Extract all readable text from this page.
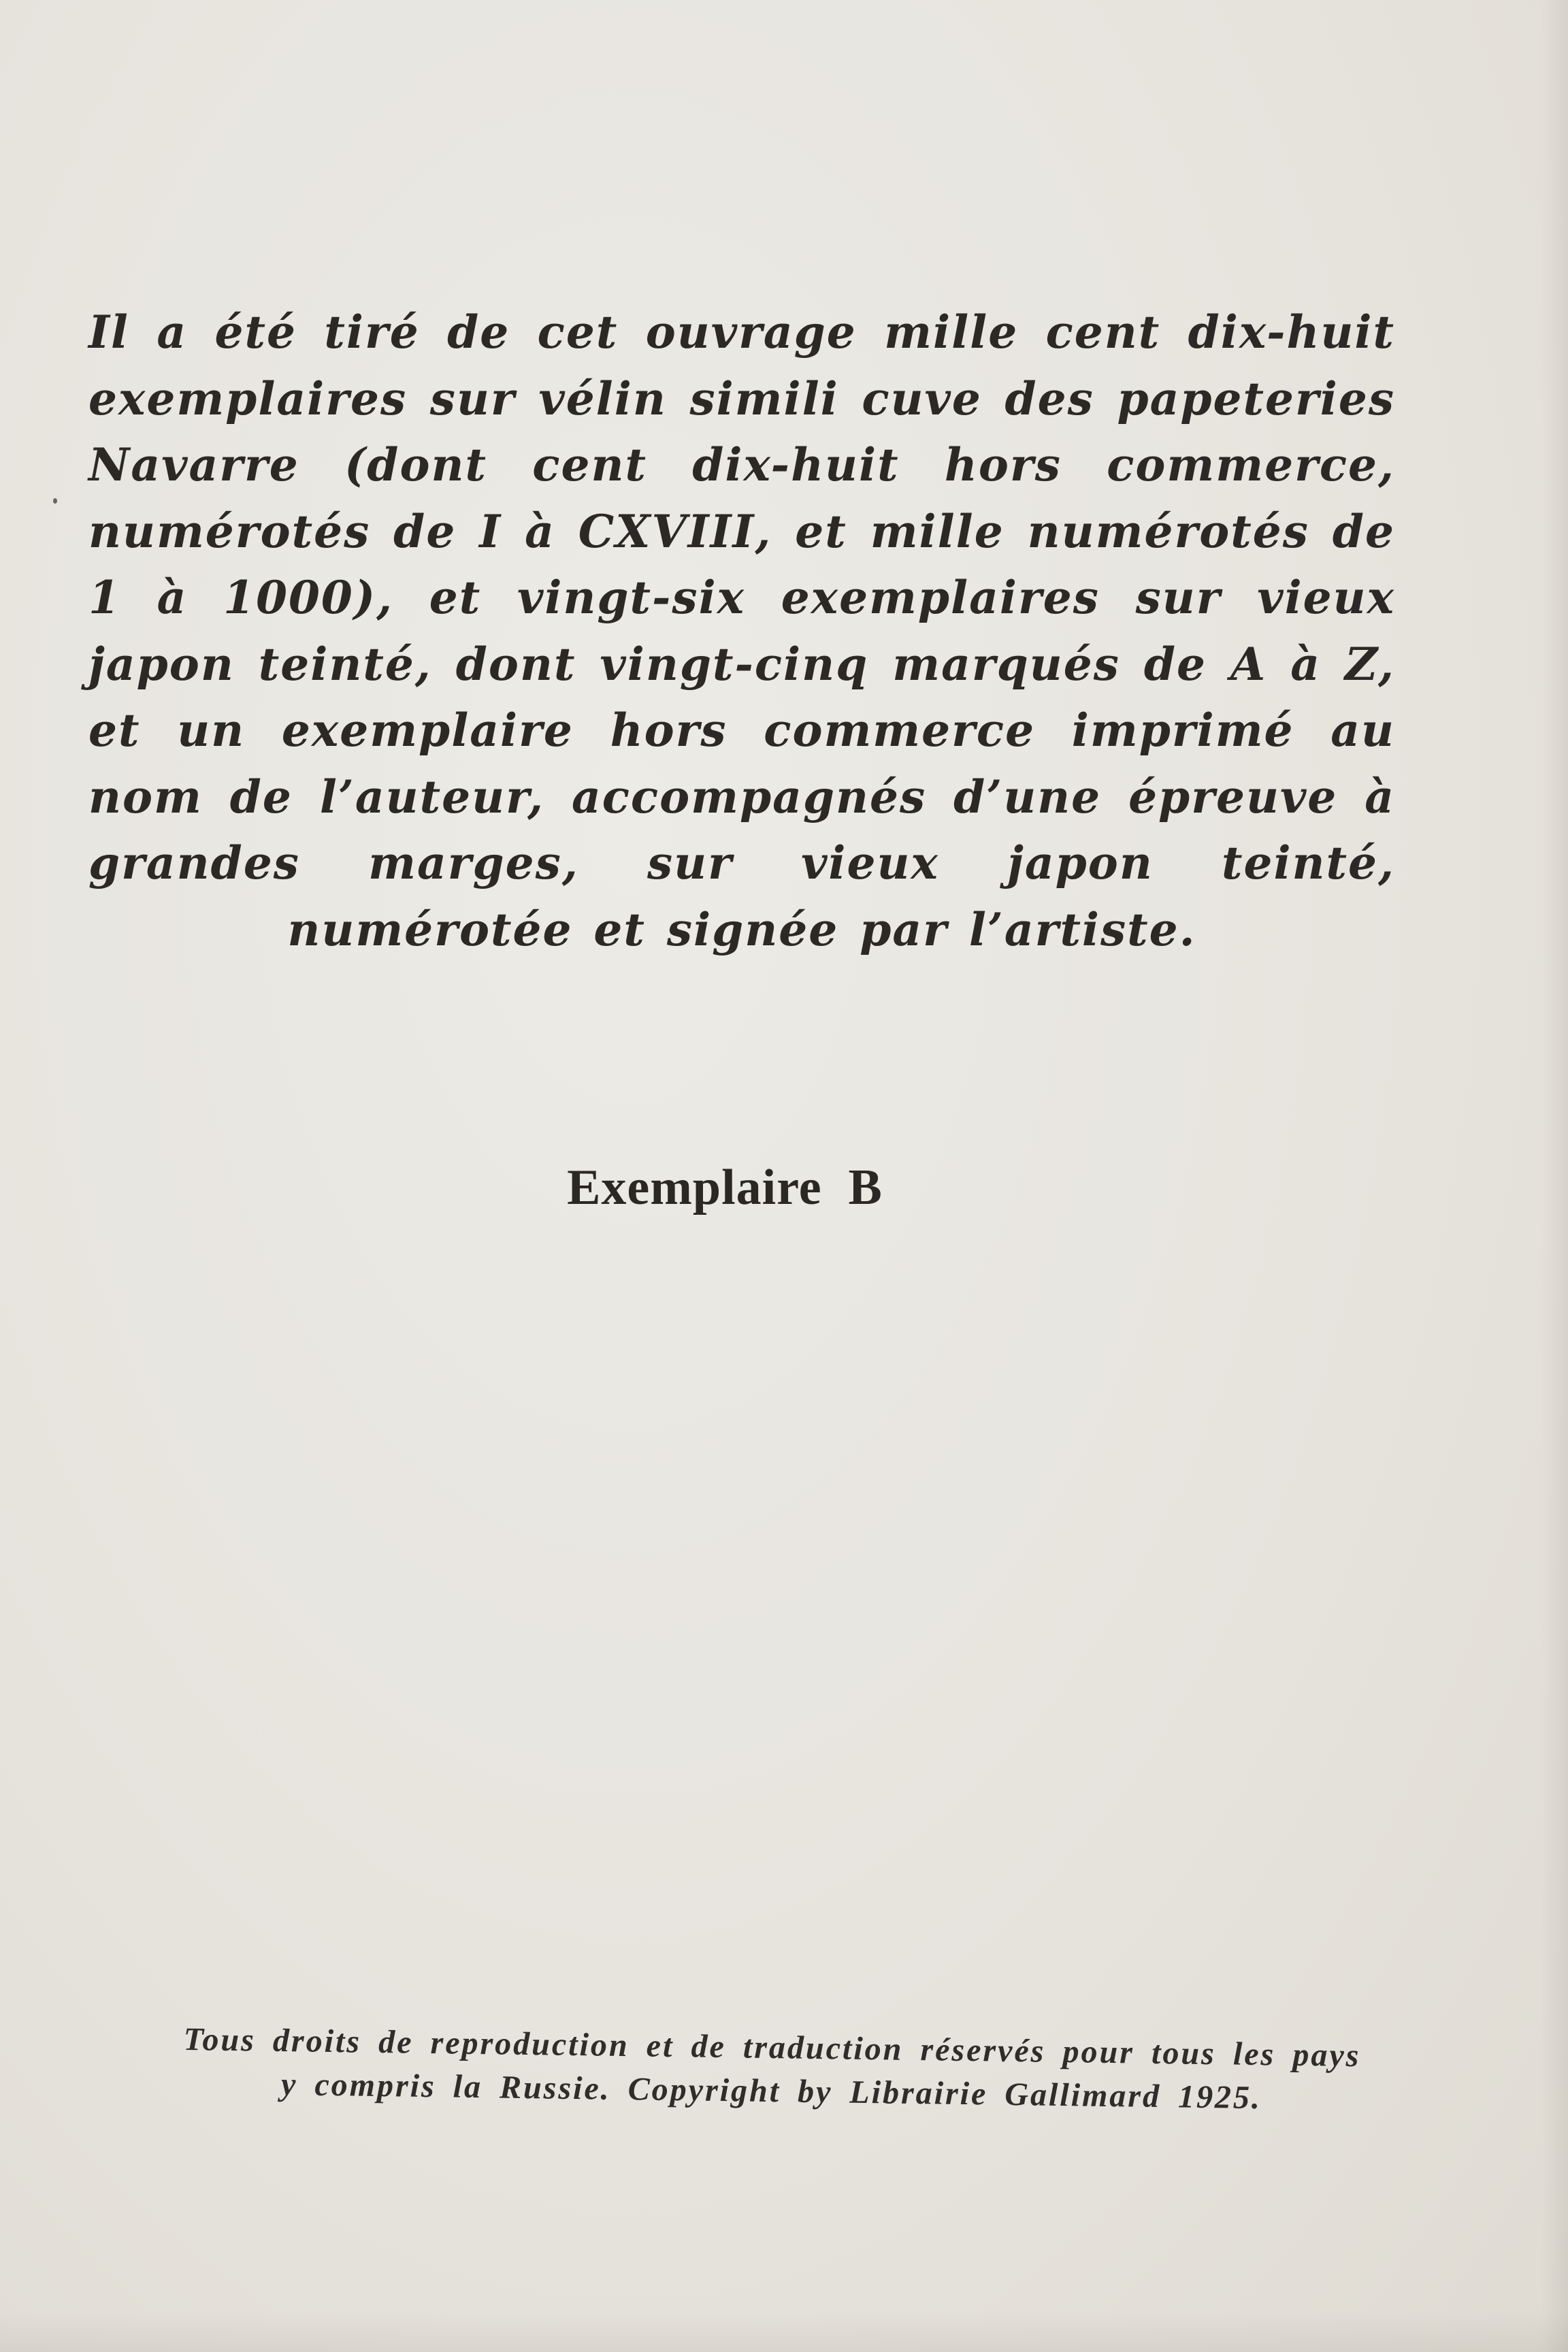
Il a été tiré de cet ouvrage mille cent dix-huit exemplaires sur vélin simili cuve des papeteries Navarre (dont cent dix-huit hors commerce, numérotés de I à CXVIII, et mille numérotés de 1 à 1000), et vingt-six exemplaires sur vieux japon teinté, dont vingt-cinq marqués de A à Z, et un exemplaire hors commerce imprimé au nom de l’auteur, accompagnés d’une épreuve à grandes marges, sur vieux japon teinté, numérotée et signée par l’artiste.

Exemplaire  B

Tous droits de reproduction et de traduction réservés pour tous les pays y compris la Russie. Copyright by Librairie Gallimard 1925.
